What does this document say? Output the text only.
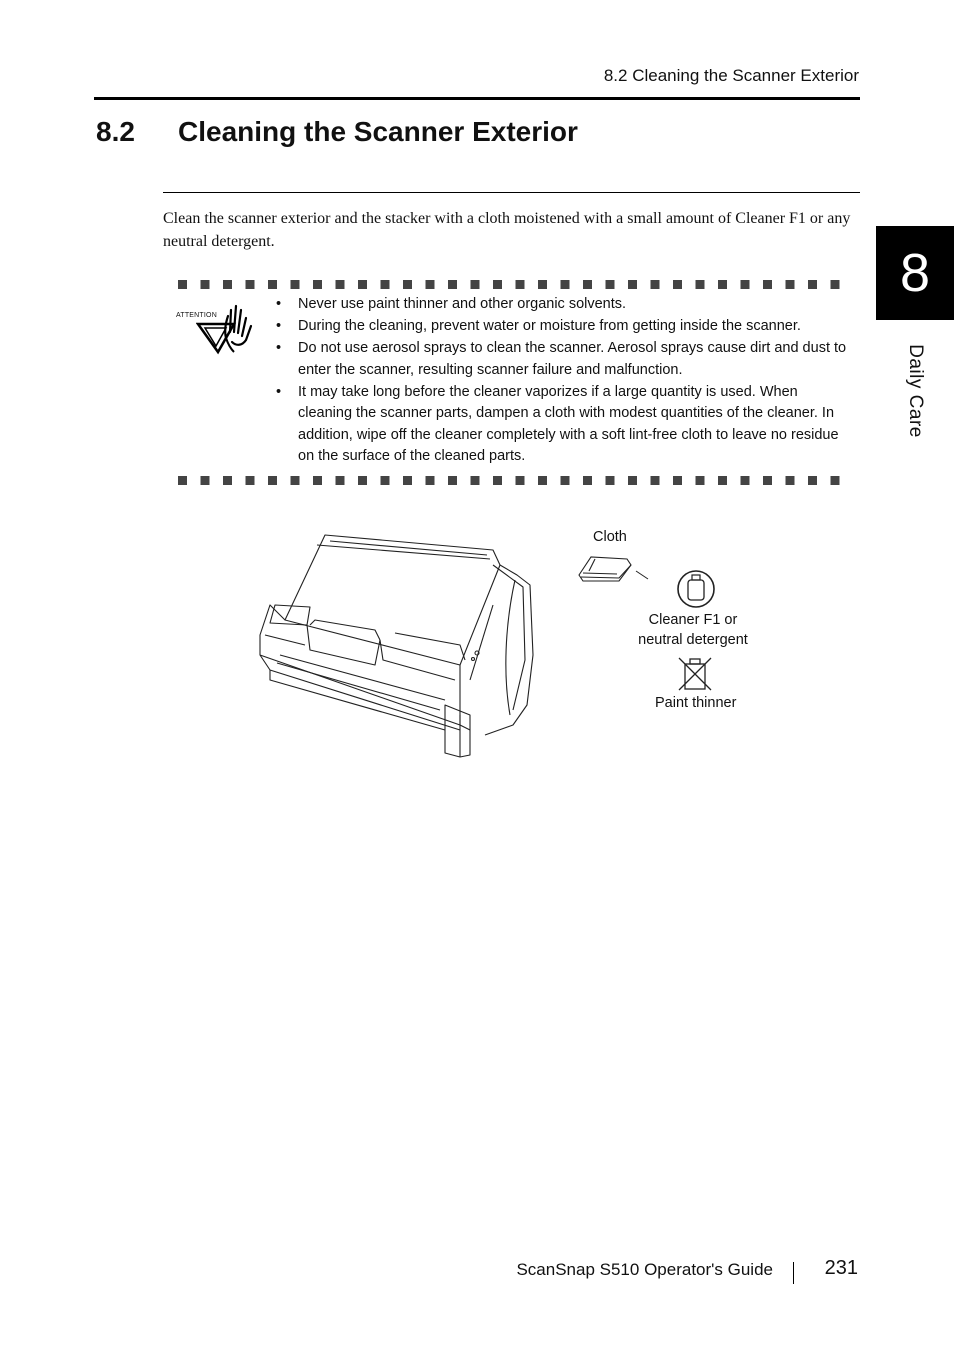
8.2 Cleaning the Scanner Exterior
8.2 Cleaning the Scanner Exterior

Clean the scanner exterior and the stacker with a cloth moistened with a small amount of Cleaner F1 or any neutral detergent.

ATTENTION
• Never use paint thinner and other organic solvents.
• During the cleaning, prevent water or moisture from getting inside the scanner.
• Do not use aerosol sprays to clean the scanner. Aerosol sprays cause dirt and dust to enter the scanner, resulting scanner failure and malfunction.
• It may take long before the cleaner vaporizes if a large quantity is used. When cleaning the scanner parts, dampen a cloth with modest quantities of the cleaner. In addition, wipe off the cleaner completely with a soft lint-free cloth to leave no residue on the surface of the cleaned parts.
Cloth
Cleaner F1 or
neutral detergent
Paint thinner
8
Daily Care
ScanSnap S510 Operator's Guide	231
